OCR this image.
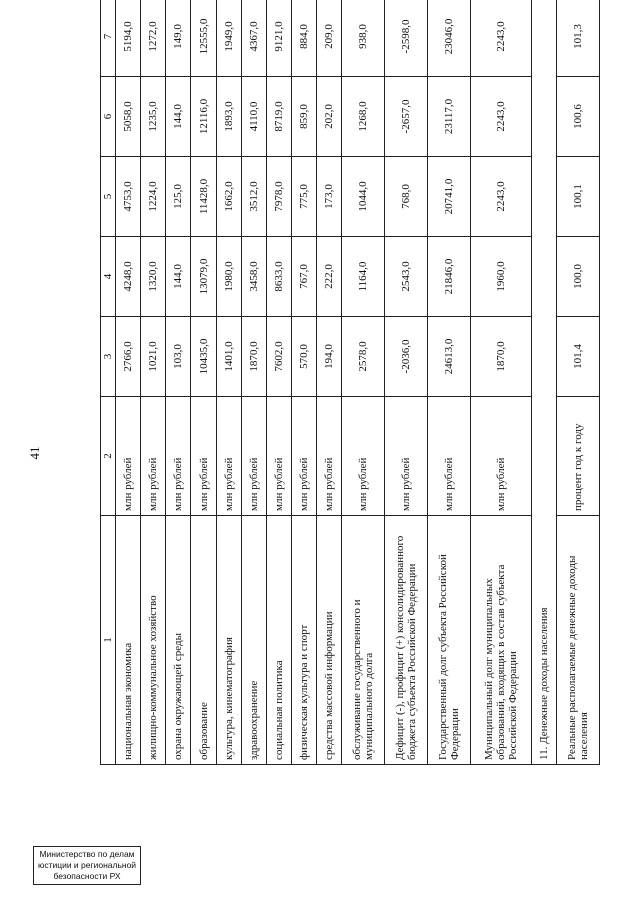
41
1	2	3	4	5	6	7
национальная экономика	млн рублей	2766,0	4248,0	4753,0	5058,0	5194,0
жилищно-коммунальное хозяйство	млн рублей	1021,0	1320,0	1224,0	1235,0	1272,0
охрана окружающей среды	млн рублей	103,0	144,0	125,0	144,0	149,0
образование	млн рублей	10435,0	13079,0	11428,0	12116,0	12555,0
культура, кинематография	млн рублей	1401,0	1980,0	1662,0	1893,0	1949,0
здравоохранение	млн рублей	1870,0	3458,0	3512,0	4110,0	4367,0
социальная политика	млн рублей	7602,0	8633,0	7978,0	8719,0	9121,0
физическая культура и спорт	млн рублей	570,0	767,0	775,0	859,0	884,0
средства массовой информации	млн рублей	194,0	222,0	173,0	202,0	209,0
обслуживание государственного и муниципального долга	млн рублей	2578,0	1164,0	1044,0	1268,0	938,0
Дефицит (-), профицит (+) консолидированного бюджета субъекта Российской Федерации	млн рублей	-2036,0	2543,0	768,0	-2657,0	-2598,0
Государственный долг субъекта Российской Федерации	млн рублей	24613,0	21846,0	20741,0	23117,0	23046,0
Муниципальный долг муниципальных образований, входящих в состав субъекта Российской Федерации	млн рублей	1870,0	1960,0	2243,0	2243,0	2243,0
11. Денежные доходы населения						
Реальные располагаемые денежные доходы населения	процент год к году	101,4	100,0	100,1	100,6	101,3
Министерство по делам
юстиции и региональной
безопасности РХ
